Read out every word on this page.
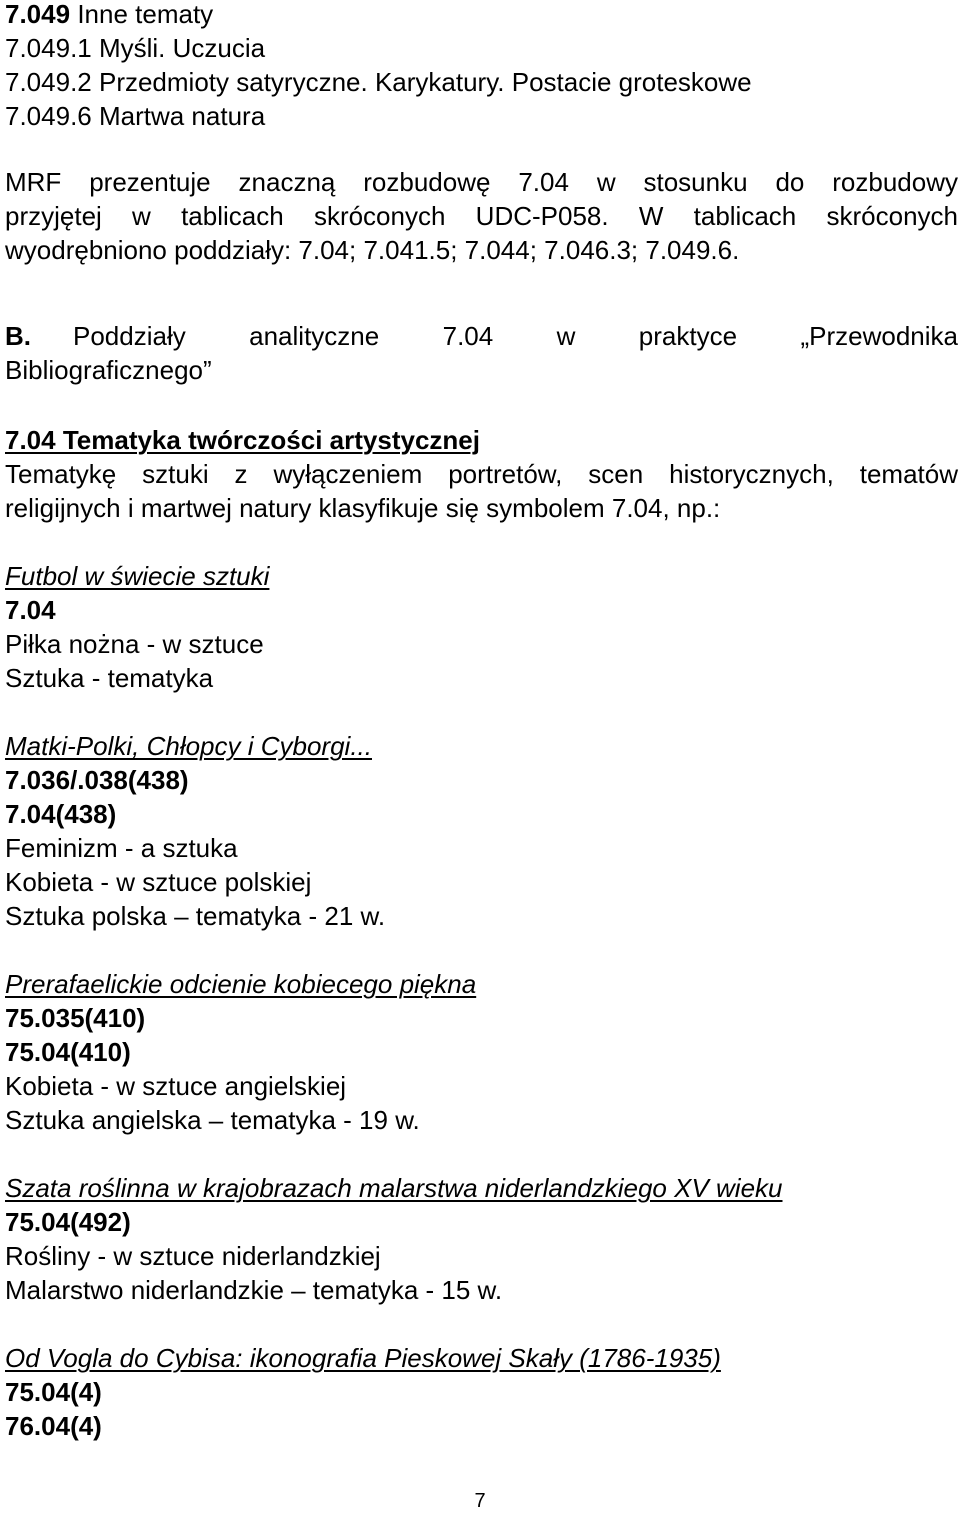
7.049 Inne tematy
7.049.1 Myśli. Uczucia
7.049.2 Przedmioty satyryczne. Karykatury. Postacie groteskowe
7.049.6 Martwa natura
MRF prezentuje znaczną rozbudowę 7.04 w stosunku do rozbudowy
przyjętej w tablicach skróconych UDC-P058. W tablicach skróconych
wyodrębniono poddziały: 7.04; 7.041.5; 7.044; 7.046.3; 7.049.6.
B. Poddziały analityczne 7.04 w praktyce „Przewodnika
Bibliograficznego”
7.04 Tematyka twórczości artystycznej
Tematykę sztuki z wyłączeniem portretów, scen historycznych, tematów
religijnych i martwej natury klasyfikuje się symbolem 7.04, np.:
Futbol w świecie sztuki
7.04
Piłka nożna - w sztuce
Sztuka - tematyka
Matki-Polki, Chłopcy i Cyborgi...
7.036/.038(438)
7.04(438)
Feminizm - a sztuka
Kobieta - w sztuce polskiej
Sztuka polska – tematyka - 21 w.
Prerafaelickie odcienie kobiecego piękna
75.035(410)
75.04(410)
Kobieta - w sztuce angielskiej
Sztuka angielska – tematyka - 19 w.
Szata roślinna w krajobrazach malarstwa niderlandzkiego XV wieku
75.04(492)
Rośliny - w sztuce niderlandzkiej
Malarstwo niderlandzkie – tematyka - 15 w.
Od Vogla do Cybisa: ikonografia Pieskowej Skały (1786-1935)
75.04(4)
76.04(4)
7
